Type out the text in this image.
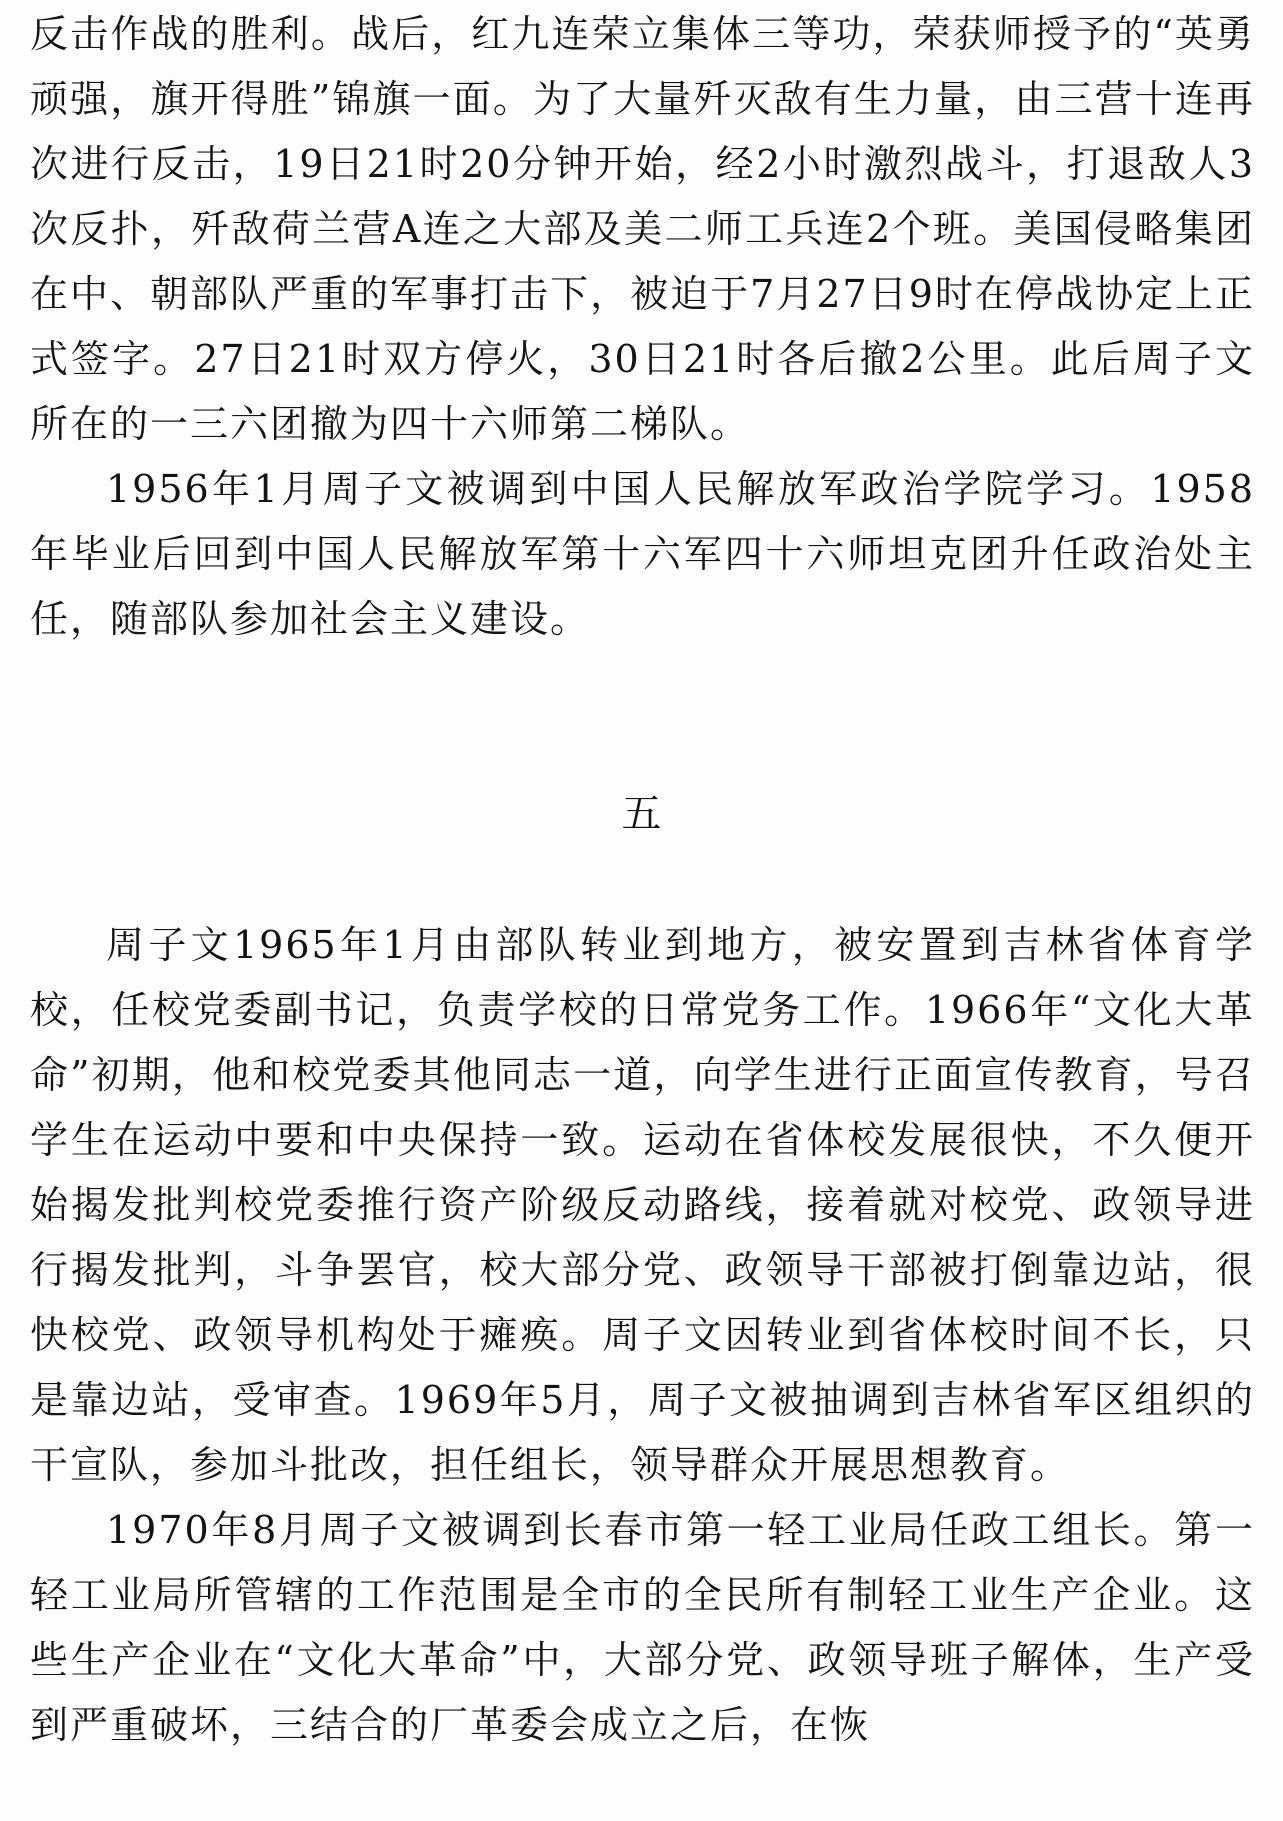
反击作战的胜利。战后，红九连荣立集体三等功，荣获师授予的“英勇顽强，旗开得胜”锦旗一面。为了大量歼灭敌有生力量，由三营十连再次进行反击，19日21时20分钟开始，经2小时激烈战斗，打退敌人3次反扑，歼敌荷兰营A连之大部及美二师工兵连2个班。美国侵略集团在中、朝部队严重的军事打击下，被迫于7月27日9时在停战协定上正式签字。27日21时双方停火，30日21时各后撤2公里。此后周子文所在的一三六团撤为四十六师第二梯队。

1956年1月周子文被调到中国人民解放军政治学院学习。1958年毕业后回到中国人民解放军第十六军四十六师坦克团升任政治处主任，随部队参加社会主义建设。

五

周子文1965年1月由部队转业到地方，被安置到吉林省体育学校，任校党委副书记，负责学校的日常党务工作。1966年“文化大革命”初期，他和校党委其他同志一道，向学生进行正面宣传教育，号召学生在运动中要和中央保持一致。运动在省体校发展很快，不久便开始揭发批判校党委推行资产阶级反动路线，接着就对校党、政领导进行揭发批判，斗争罢官，校大部分党、政领导干部被打倒靠边站，很快校党、政领导机构处于瘫痪。周子文因转业到省体校时间不长，只是靠边站，受审查。1969年5月，周子文被抽调到吉林省军区组织的干宣队，参加斗批改，担任组长，领导群众开展思想教育。

1970年8月周子文被调到长春市第一轻工业局任政工组长。第一轻工业局所管辖的工作范围是全市的全民所有制轻工业生产企业。这些生产企业在“文化大革命”中，大部分党、政领导班子解体，生产受到严重破坏，三结合的厂革委会成立之后，在恢
